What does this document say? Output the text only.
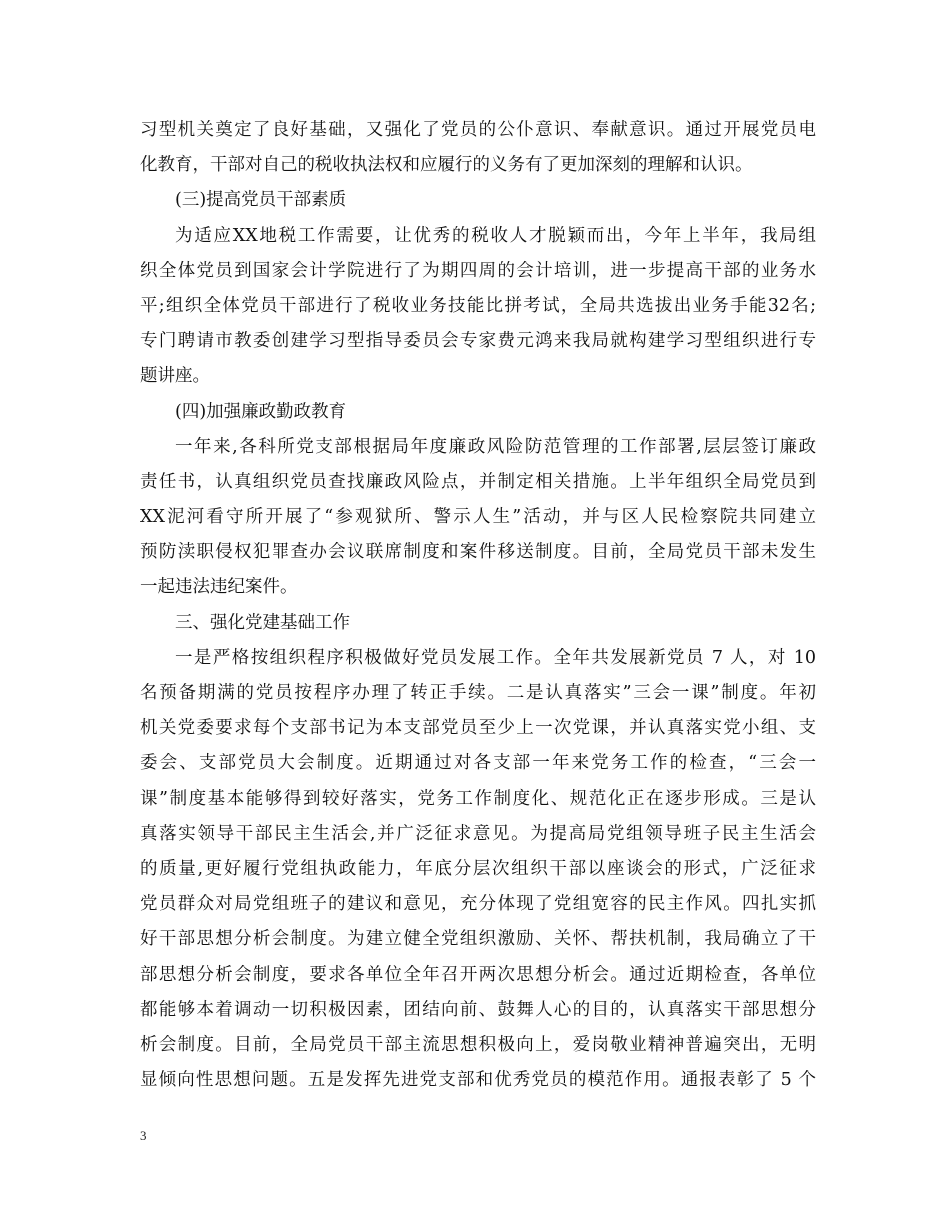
习型机关奠定了良好基础，又强化了党员的公仆意识、奉献意识。通过开展党员电
化教育，干部对自己的税收执法权和应履行的义务有了更加深刻的理解和认识。
(三)提高党员干部素质
为适应XX地税工作需要，让优秀的税收人才脱颖而出，今年上半年，我局组
织全体党员到国家会计学院进行了为期四周的会计培训，进一步提高干部的业务水
平;组织全体党员干部进行了税收业务技能比拼考试，全局共选拔出业务手能32名;
专门聘请市教委创建学习型指导委员会专家费元鸿来我局就构建学习型组织进行专
题讲座。
(四)加强廉政勤政教育
一年来,各科所党支部根据局年度廉政风险防范管理的工作部署,层层签订廉政
责任书，认真组织党员查找廉政风险点，并制定相关措施。上半年组织全局党员到
XX泥河看守所开展了“参观狱所、警示人生”活动，并与区人民检察院共同建立
预防渎职侵权犯罪查办会议联席制度和案件移送制度。目前，全局党员干部未发生
一起违法违纪案件。
三、强化党建基础工作
一是严格按组织程序积极做好党员发展工作。全年共发展新党员 7 人，对 10
名预备期满的党员按程序办理了转正手续。二是认真落实”三会一课”制度。年初
机关党委要求每个支部书记为本支部党员至少上一次党课，并认真落实党小组、支
委会、支部党员大会制度。近期通过对各支部一年来党务工作的检查，“三会一
课”制度基本能够得到较好落实，党务工作制度化、规范化正在逐步形成。三是认
真落实领导干部民主生活会,并广泛征求意见。为提高局党组领导班子民主生活会
的质量,更好履行党组执政能力，年底分层次组织干部以座谈会的形式，广泛征求
党员群众对局党组班子的建议和意见，充分体现了党组宽容的民主作风。四扎实抓
好干部思想分析会制度。为建立健全党组织激励、关怀、帮扶机制，我局确立了干
部思想分析会制度，要求各单位全年召开两次思想分析会。通过近期检查，各单位
都能够本着调动一切积极因素，团结向前、鼓舞人心的目的，认真落实干部思想分
析会制度。目前，全局党员干部主流思想积极向上，爱岗敬业精神普遍突出，无明
显倾向性思想问题。五是发挥先进党支部和优秀党员的模范作用。通报表彰了 5 个
3
